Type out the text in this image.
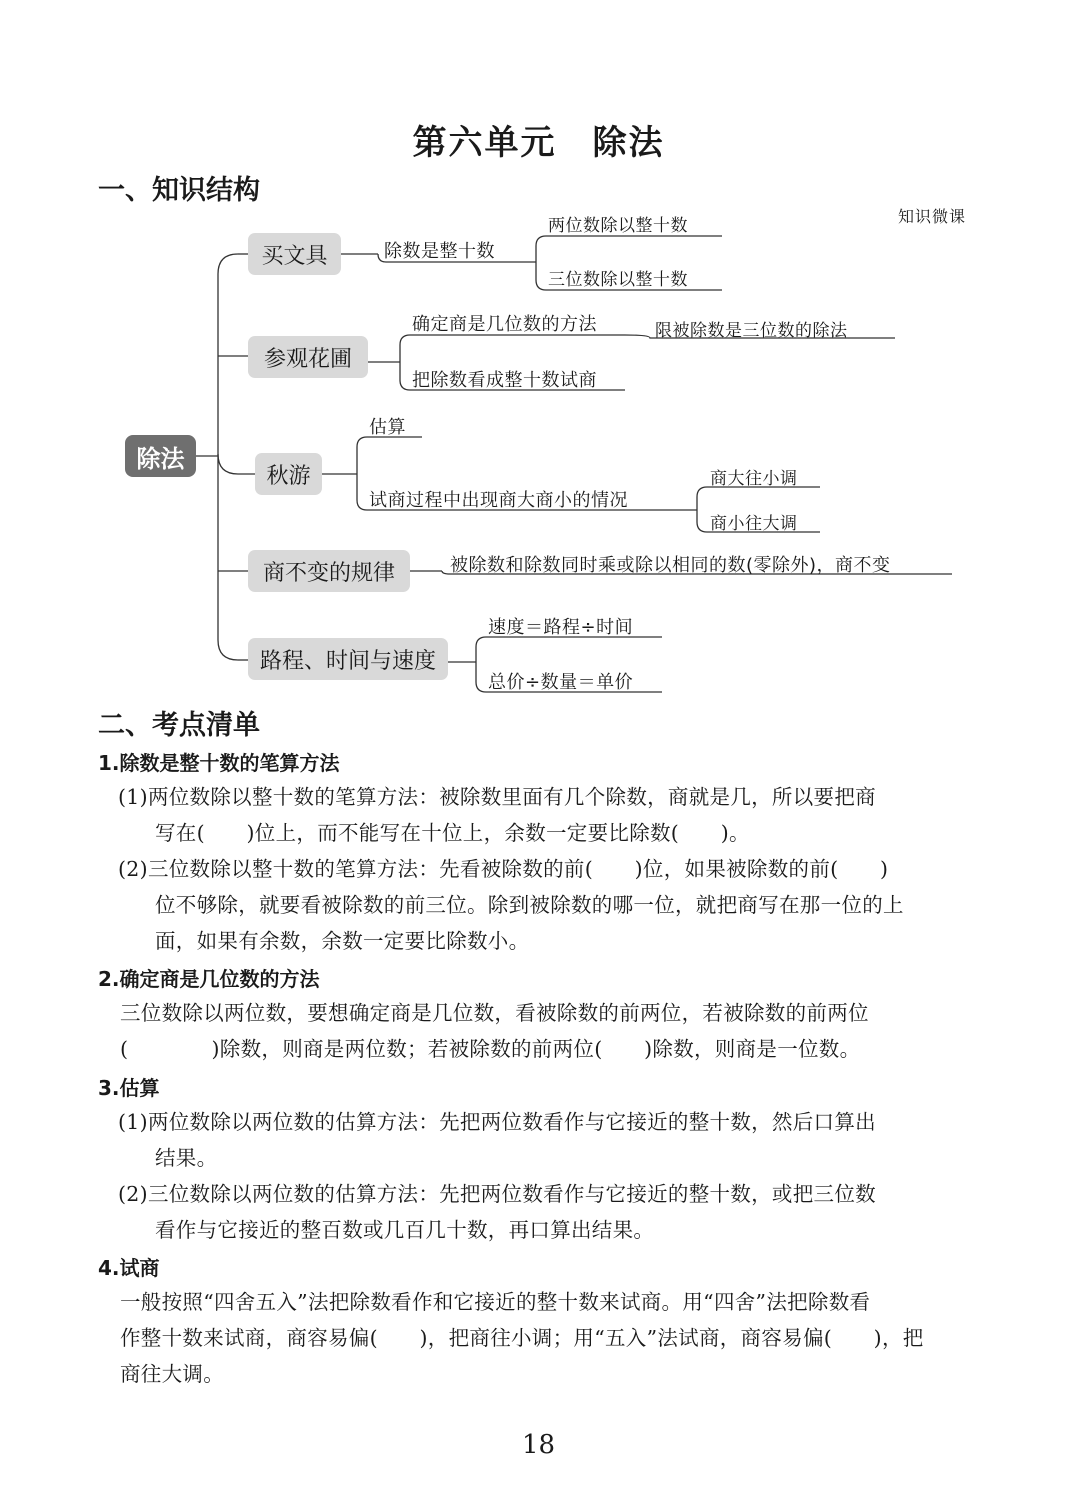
第六单元　除法
一、知识结构
知识微课
除法
买文具
参观花圃
秋游
商不变的规律
路程、时间与速度
除数是整十数
两位数除以整十数
三位数除以整十数
确定商是几位数的方法	限被除数是三位数的除法
把除数看成整十数试商
估算
试商过程中出现商大商小的情况
商大往小调
商小往大调
被除数和除数同时乘或除以相同的数(零除外)，商不变
速度＝路程÷时间
总价÷数量＝单价
二、考点清单
1.除数是整十数的笔算方法
(1)两位数除以整十数的笔算方法：被除数里面有几个除数，商就是几，所以要把商
写在(　　)位上，而不能写在十位上，余数一定要比除数(　　)。
(2)三位数除以整十数的笔算方法：先看被除数的前(　　)位，如果被除数的前(　　)
位不够除，就要看被除数的前三位。除到被除数的哪一位，就把商写在那一位的上
面，如果有余数，余数一定要比除数小。
2.确定商是几位数的方法
三位数除以两位数，要想确定商是几位数，看被除数的前两位，若被除数的前两位
(　　　　)除数，则商是两位数；若被除数的前两位(　　)除数，则商是一位数。
3.估算
(1)两位数除以两位数的估算方法：先把两位数看作与它接近的整十数，然后口算出
结果。
(2)三位数除以两位数的估算方法：先把两位数看作与它接近的整十数，或把三位数
看作与它接近的整百数或几百几十数，再口算出结果。
4.试商
一般按照“四舍五入”法把除数看作和它接近的整十数来试商。用“四舍”法把除数看
作整十数来试商，商容易偏(　　)，把商往小调；用“五入”法试商，商容易偏(　　)，把
商往大调。
18
